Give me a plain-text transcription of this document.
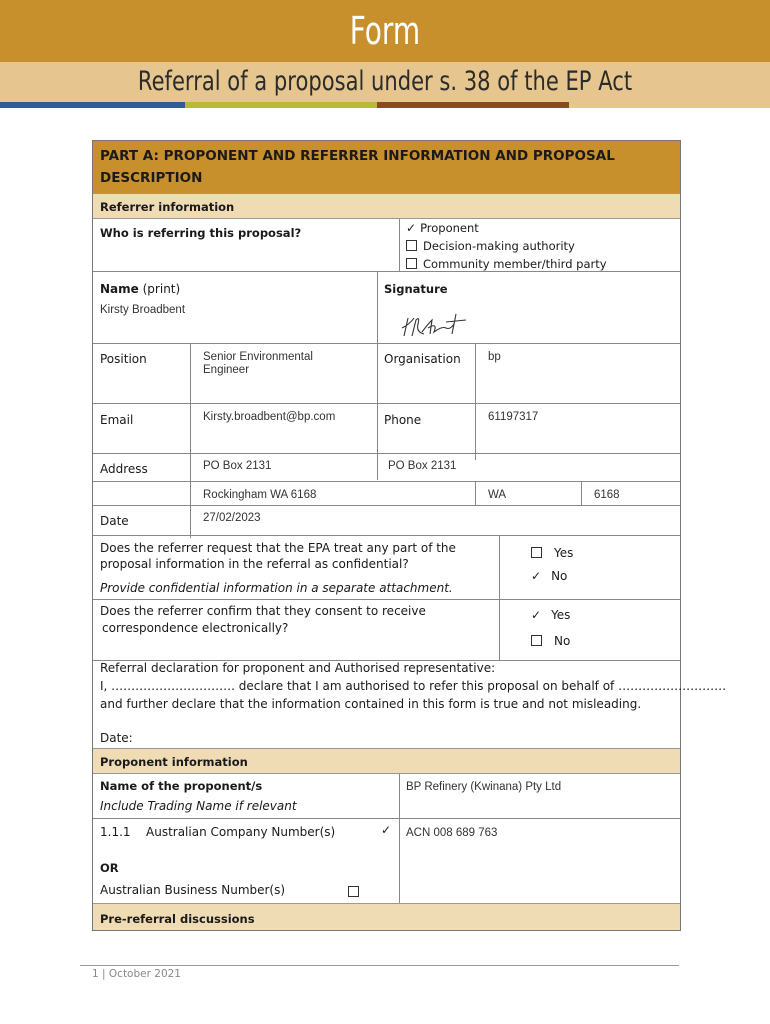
Form
Referral of a proposal under s. 38 of the EP Act
PART A: PROPONENT AND REFERRER INFORMATION AND PROPOSAL
DESCRIPTION
Referrer information
Who is referring this proposal?	✓ Proponent
Decision-making authority
Community member/third party
Name (print)
Kirsty Broadbent
Signature
Position	Senior Environmental
Engineer
Organisation bp
Email	Kirsty.broadbent@bp.com	Phone	61197317
Address	PO Box 2131	PO Box 2131
Rockingham WA 6168	WA	6168
Date	27/02/2023
Does the referrer request that the EPA treat any part of the
proposal information in the referral as confidential?
Provide confidential information in a separate attachment.
Yes
✓ No
Does the referrer confirm that they consent to receive
correspondence electronically?
✓ Yes
No
Referral declaration for proponent and Authorised representative:
I, …………………………. declare that I am authorised to refer this proposal on behalf of ………………………
and further declare that the information contained in this form is true and not misleading.
Date:
Proponent information
Name of the proponent/s
Include Trading Name if relevant
BP Refinery (Kwinana) Pty Ltd
1.1.1 Australian Company Number(s)	✓ ACN 008 689 763
OR
Australian Business Number(s)
Pre-referral discussions
1 | October 2021
